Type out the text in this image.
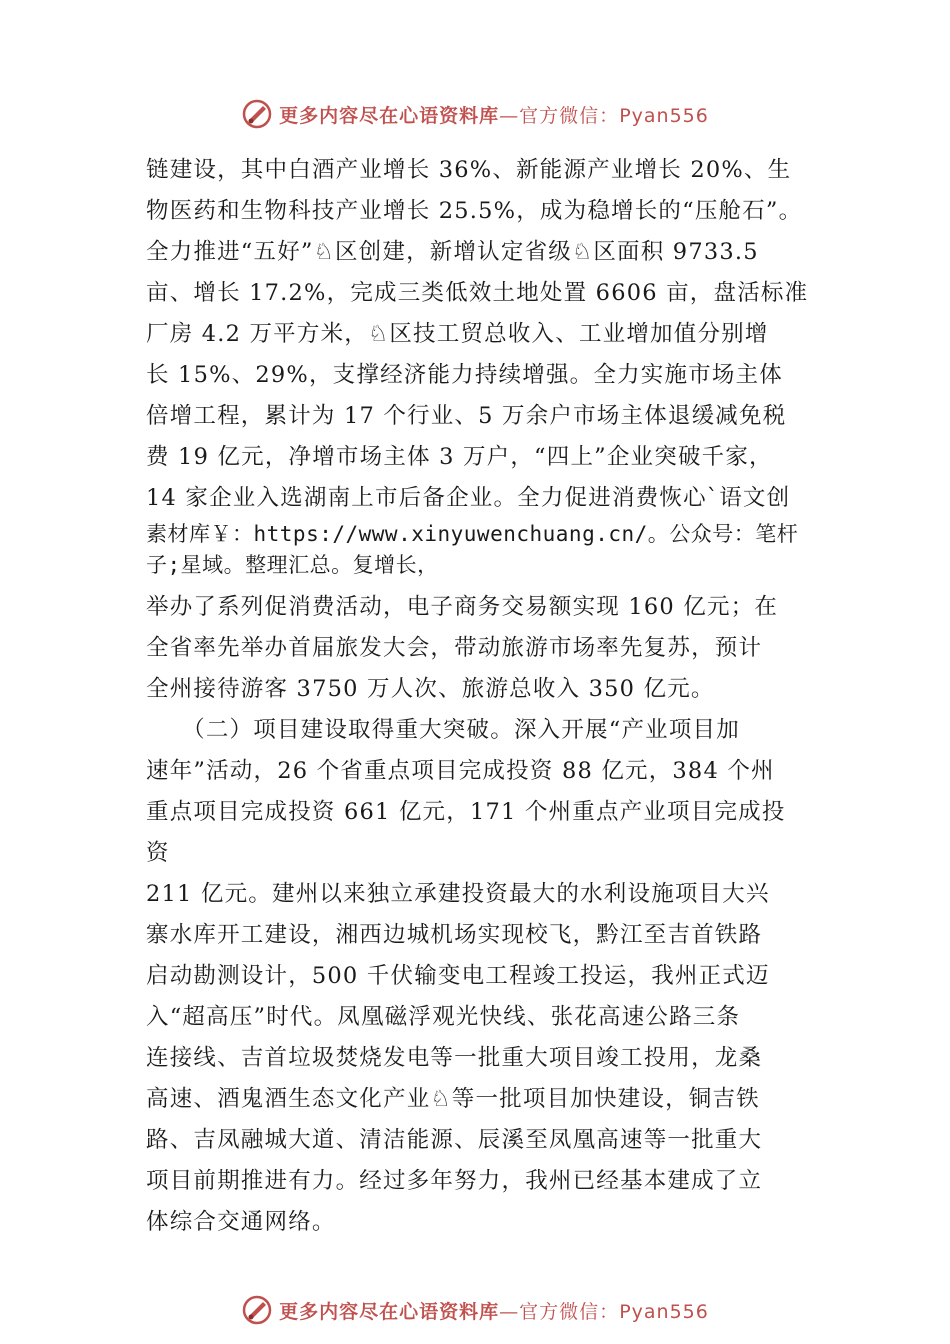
更多内容尽在心语资料库—官方微信：Pyan556
链建设，其中白酒产业增长 36%、新能源产业增长 20%、生
物医药和生物科技产业增长 25.5%，成为稳增长的“压舱石”。
全力推进“五好”♘区创建，新增认定省级♘区面积 9733.5
亩、增长 17.2%，完成三类低效土地处置 6606 亩，盘活标准
厂房 4.2 万平方米，♘区技工贸总收入、工业增加值分别增
长 15%、29%，支撑经济能力持续增强。全力实施市场主体
倍增工程，累计为 17 个行业、5 万余户市场主体退缓减免税
费 19 亿元，净增市场主体 3 万户，“四上”企业突破千家，
14 家企业入选湖南上市后备企业。全力促进消费恢心`语文创
素材库￥：https://www.xinyuwenchuang.cn/。公众号：笔杆
子;星域。整理汇总。复增长，
举办了系列促消费活动，电子商务交易额实现 160 亿元；在
全省率先举办首届旅发大会，带动旅游市场率先复苏，预计
全州接待游客 3750 万人次、旅游总收入 350 亿元。
　　（二）项目建设取得重大突破。深入开展“产业项目加
速年”活动，26 个省重点项目完成投资 88 亿元，384 个州
重点项目完成投资 661 亿元，171 个州重点产业项目完成投
资
211 亿元。建州以来独立承建投资最大的水利设施项目大兴
寨水库开工建设，湘西边城机场实现校飞，黔江至吉首铁路
启动勘测设计，500 千伏输变电工程竣工投运，我州正式迈
入“超高压”时代。凤凰磁浮观光快线、张花高速公路三条
连接线、吉首垃圾焚烧发电等一批重大项目竣工投用，龙桑
高速、酒鬼酒生态文化产业♘等一批项目加快建设，铜吉铁
路、吉凤融城大道、清洁能源、辰溪至凤凰高速等一批重大
项目前期推进有力。经过多年努力，我州已经基本建成了立
体综合交通网络。
更多内容尽在心语资料库—官方微信：Pyan556
